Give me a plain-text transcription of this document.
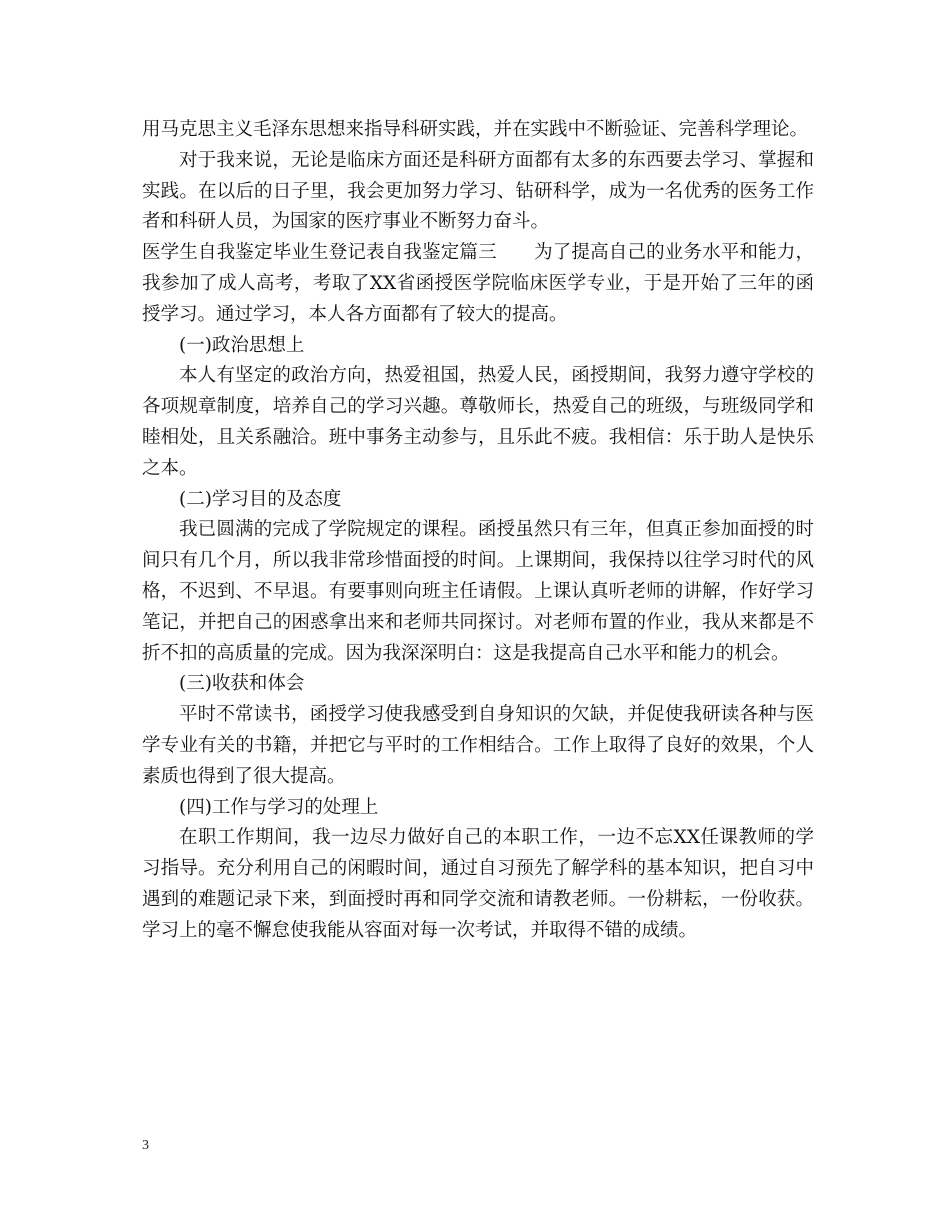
用马克思主义毛泽东思想来指导科研实践，并在实践中不断验证、完善科学理论。

对于我来说，无论是临床方面还是科研方面都有太多的东西要去学习、掌握和实践。在以后的日子里，我会更加努力学习、钻研科学，成为一名优秀的医务工作者和科研人员，为国家的医疗事业不断努力奋斗。

医学生自我鉴定毕业生登记表自我鉴定篇三　　为了提高自己的业务水平和能力，我参加了成人高考，考取了XX省函授医学院临床医学专业，于是开始了三年的函授学习。通过学习，本人各方面都有了较大的提高。

(一)政治思想上

本人有坚定的政治方向，热爱祖国，热爱人民，函授期间，我努力遵守学校的各项规章制度，培养自己的学习兴趣。尊敬师长，热爱自己的班级，与班级同学和睦相处，且关系融洽。班中事务主动参与，且乐此不疲。我相信：乐于助人是快乐之本。

(二)学习目的及态度

我已圆满的完成了学院规定的课程。函授虽然只有三年，但真正参加面授的时间只有几个月，所以我非常珍惜面授的时间。上课期间，我保持以往学习时代的风格，不迟到、不早退。有要事则向班主任请假。上课认真听老师的讲解，作好学习笔记，并把自己的困惑拿出来和老师共同探讨。对老师布置的作业，我从来都是不折不扣的高质量的完成。因为我深深明白：这是我提高自己水平和能力的机会。

(三)收获和体会

平时不常读书，函授学习使我感受到自身知识的欠缺，并促使我研读各种与医学专业有关的书籍，并把它与平时的工作相结合。工作上取得了良好的效果，个人素质也得到了很大提高。

(四)工作与学习的处理上

在职工作期间，我一边尽力做好自己的本职工作，一边不忘XX任课教师的学习指导。充分利用自己的闲暇时间，通过自习预先了解学科的基本知识，把自习中遇到的难题记录下来，到面授时再和同学交流和请教老师。一份耕耘，一份收获。学习上的毫不懈怠使我能从容面对每一次考试，并取得不错的成绩。

3
